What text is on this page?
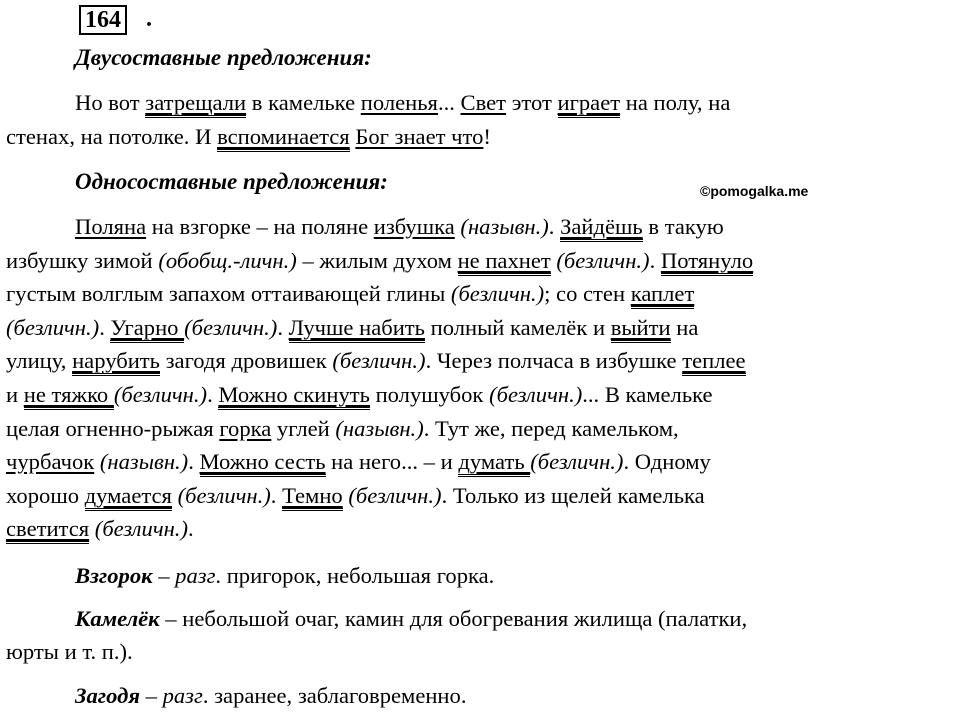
164 .
Двусоставные предложения:
Но вот затрещали в камельке поленья... Свет этот играет на полу, на
стенах, на потолке. И вспоминается Бог знает что!
Односоставные предложения:	©pomogalka.me
Поляна на взгорке – на поляне избушка (назывн.). Зайдёшь в такую
избушку зимой (обобщ.-личн.) – жилым духом не пахнет (безличн.). Потянуло
густым волглым запахом оттаивающей глины (безличн.); со стен каплет
(безличн.). Угарно (безличн.). Лучше набить полный камелёк и выйти на
улицу, нарубить загодя дровишек (безличн.). Через полчаса в избушке теплее
и не тяжко (безличн.). Можно скинуть полушубок (безличн.)... В камельке
целая огненно-рыжая горка углей (назывн.). Тут же, перед камельком,
чурбачок (назывн.). Можно сесть на него... – и думать (безличн.). Одному
хорошо думается (безличн.). Темно (безличн.). Только из щелей камелька
светится (безличн.).
Взгорок – разг. пригорок, небольшая горка.
Камелёк – небольшой очаг, камин для обогревания жилища (палатки,
юрты и т. п.).
Загодя – разг. заранее, заблаговременно.
